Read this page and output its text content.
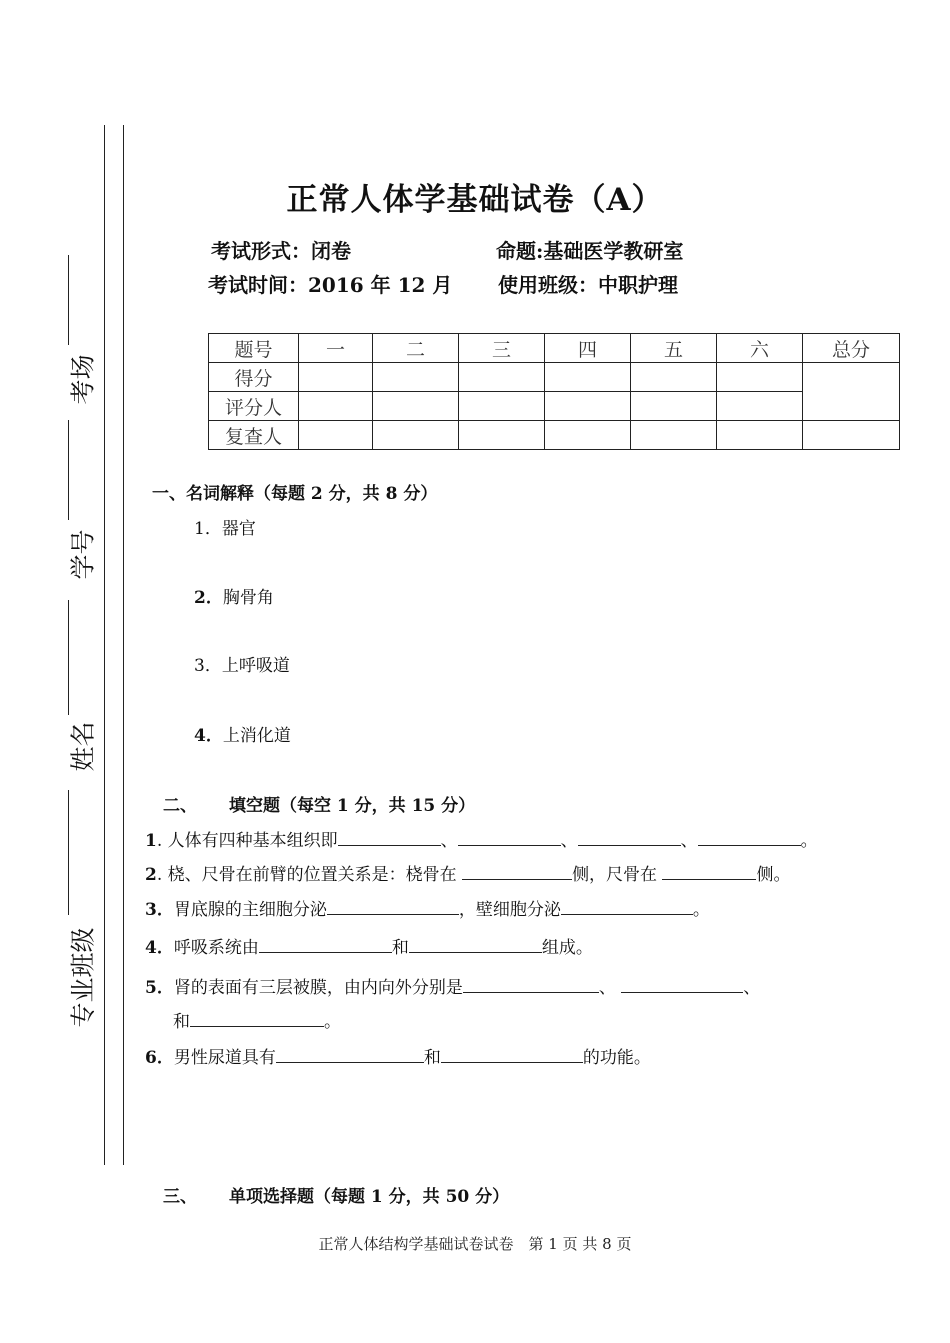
考场
学号
姓名
专业班级
正常人体学基础试卷（A）
考试形式：闭卷	命题:基础医学教研室
考试时间：2016 年 12 月 使用班级：中职护理
题号	一	二	三	四	五	六	总分
得分							
评分人							
复查人							
一、名词解释（每题 2 分，共 8 分）
1．器官
2．胸骨角
3．上呼吸道
4．上消化道
二、 填空题（每空 1 分，共 15 分）
1. 人体有四种基本组织即	、	、	、	。
2. 桡、尺骨在前臂的位置关系是：桡骨在	侧，尺骨在	侧。
3．胃底腺的主细胞分泌	，壁细胞分泌	。
4．呼吸系统由	和	组成。
5．肾的表面有三层被膜，由内向外分别是	、	、
和	。
6．男性尿道具有	和	的功能。
三、 单项选择题（每题 1 分，共 50 分）
正常人体结构学基础试卷试卷　第 1 页 共 8 页
